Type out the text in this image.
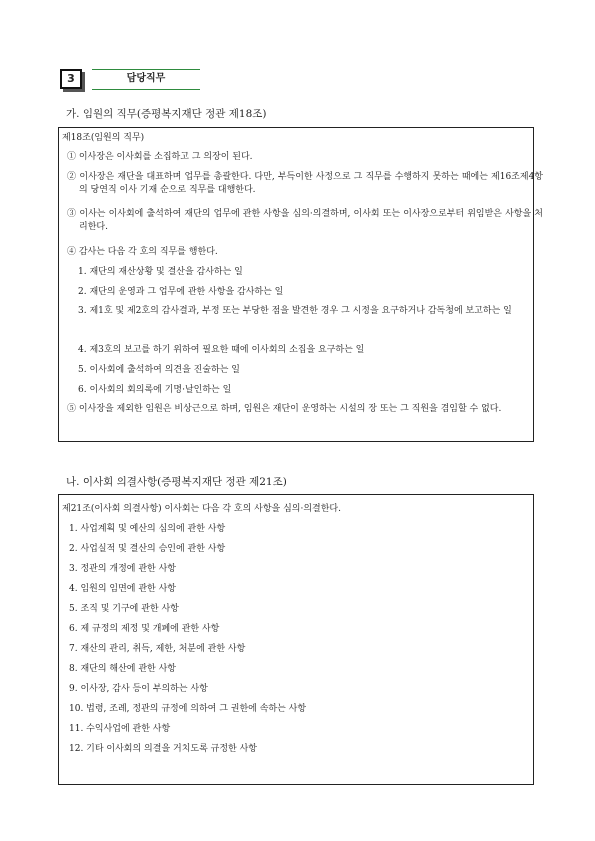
3	담당직무
가. 임원의 직무(증평복지재단 정관 제18조)
제18조(임원의 직무)
① 이사장은 이사회를 소집하고 그 의장이 된다.
② 이사장은 재단을 대표하며 업무를 총괄한다. 다만, 부득이한 사정으로 그 직무를 수행하지 못하는 때에는 제16조제4항의 당연직 이사 기재 순으로 직무를 대행한다.
③ 이사는 이사회에 출석하여 재단의 업무에 관한 사항을 심의·의결하며, 이사회 또는 이사장으로부터 위임받은 사항을 처리한다.
④ 감사는 다음 각 호의 직무를 행한다.
1. 재단의 재산상황 및 결산을 감사하는 일
2. 재단의 운영과 그 업무에 관한 사항을 감사하는 일
3. 제1호 및 제2호의 감사결과, 부정 또는 부당한 점을 발견한 경우 그 시정을 요구하거나 감독청에 보고하는 일
4. 제3호의 보고를 하기 위하여 필요한 때에 이사회의 소집을 요구하는 일
5. 이사회에 출석하여 의견을 진술하는 일
6. 이사회의 회의록에 기명·날인하는 일
⑤ 이사장을 제외한 임원은 비상근으로 하며, 임원은 재단이 운영하는 시설의 장 또는 그 직원을 겸임할 수 없다.
나. 이사회 의결사항(증평복지재단 정관 제21조)
제21조(이사회 의결사항) 이사회는 다음 각 호의 사항을 심의·의결한다.
1. 사업계획 및 예산의 심의에 관한 사항
2. 사업실적 및 결산의 승인에 관한 사항
3. 정관의 개정에 관한 사항
4. 임원의 임면에 관한 사항
5. 조직 및 기구에 관한 사항
6. 제 규정의 제정 및 개폐에 관한 사항
7. 재산의 관리, 취득, 제한, 처분에 관한 사항
8. 재단의 해산에 관한 사항
9. 이사장, 감사 등이 부의하는 사항
10. 법령, 조례, 정관의 규정에 의하여 그 권한에 속하는 사항
11. 수익사업에 관한 사항
12. 기타 이사회의 의결을 거치도록 규정한 사항
